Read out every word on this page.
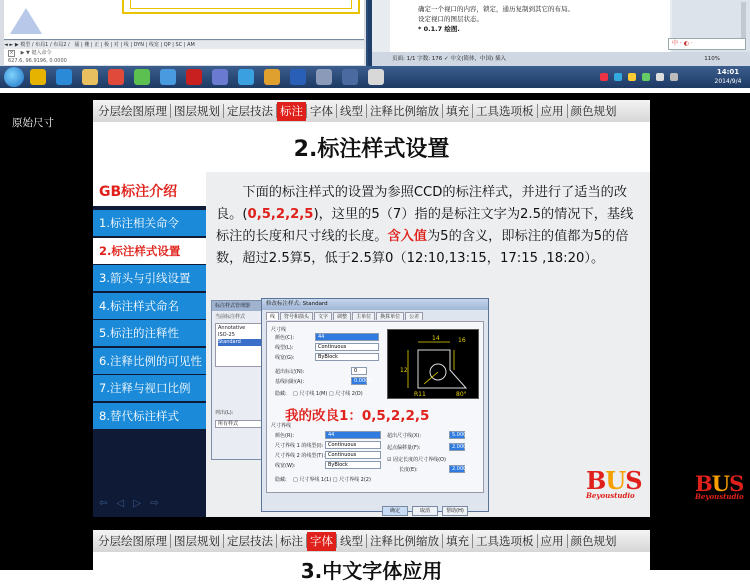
◄ ► ▶ 模型 / 布局1 / 布局2 / 捕 | 栅 | 正 | 极 | 对 | 线 | DYN | 线宽 | QP | SC | AM
× ▶ ▼ 键入命令
627.6, 96.9196, 0.0000
确定一个视口的内容，锁定，通历复制到其它的布局。
设定视口的图层状态。
* 0.1.7 绘图.
中 · ◐ ·
页面: 1/1 字数: 176 ✓ 中文(简体，中国) 插入	110%
14:01
2014/9/4
原始尺寸
分层绘图原理 图层规划 定层技法 标注 字体 线型 注释比例缩放 填充 工具选项板 应用 颜色规划
2.标注样式设置
GB标注介绍
1.标注相关命令
2.标注样式设置
3.箭头与引线设置
4.标注样式命名
5.标注的注释性
6.注释比例的可见性
7.注释与视口比例
8.替代标注样式
⇦ ◁ ▷ ⇨
下面的标注样式的设置为参照CCD的标注样式，并进行了适当的改良。(0,5,2,2,5)，这里的5（7）指的是标注文字为2.5的情况下，基线标注的长度和尺寸线的长度。含入值为5的含义，即标注的值都为5的倍数，超过2.5算5，低于2.5算0（12:10,13:15，17:15 ,18:20）。
标注样式管理器
当前标注样式
Annotative
ISO-25
Standard
列出(L):
所有样式
修改标注样式: Standard
线 符号和箭头 文字 调整 主单位 换算单位 公差
尺寸线
颜色(C):	44
线型(L):	Continuous
线宽(G):	ByBlock
超出标记(N):	0
基线间距(A):	0.0000
隐藏: □ 尺寸线 1(M) □ 尺寸线 2(D)
14	16
12
R11	80°
尺寸界线
颜色(R):	44
尺寸界线 1 的线型(I): Continuous
尺寸界线 2 的线型(T): Continuous
线宽(W):	ByBlock
隐藏: □ 尺寸界线 1(1) □ 尺寸界线 2(2)
超出尺寸线(X):	5.0000
起点偏移量(F):	2.0000
☑ 固定长度的尺寸界线(O)
长度(E):	2.0000
确定	取消	帮助(H)
我的改良1：0,5,2,2,5
BUS
Beyoustudio	BUS
Beyoustudio
分层绘图原理 图层规划 定层技法 标注 字体 线型 注释比例缩放 填充 工具选项板 应用 颜色规划
3.中文字体应用
